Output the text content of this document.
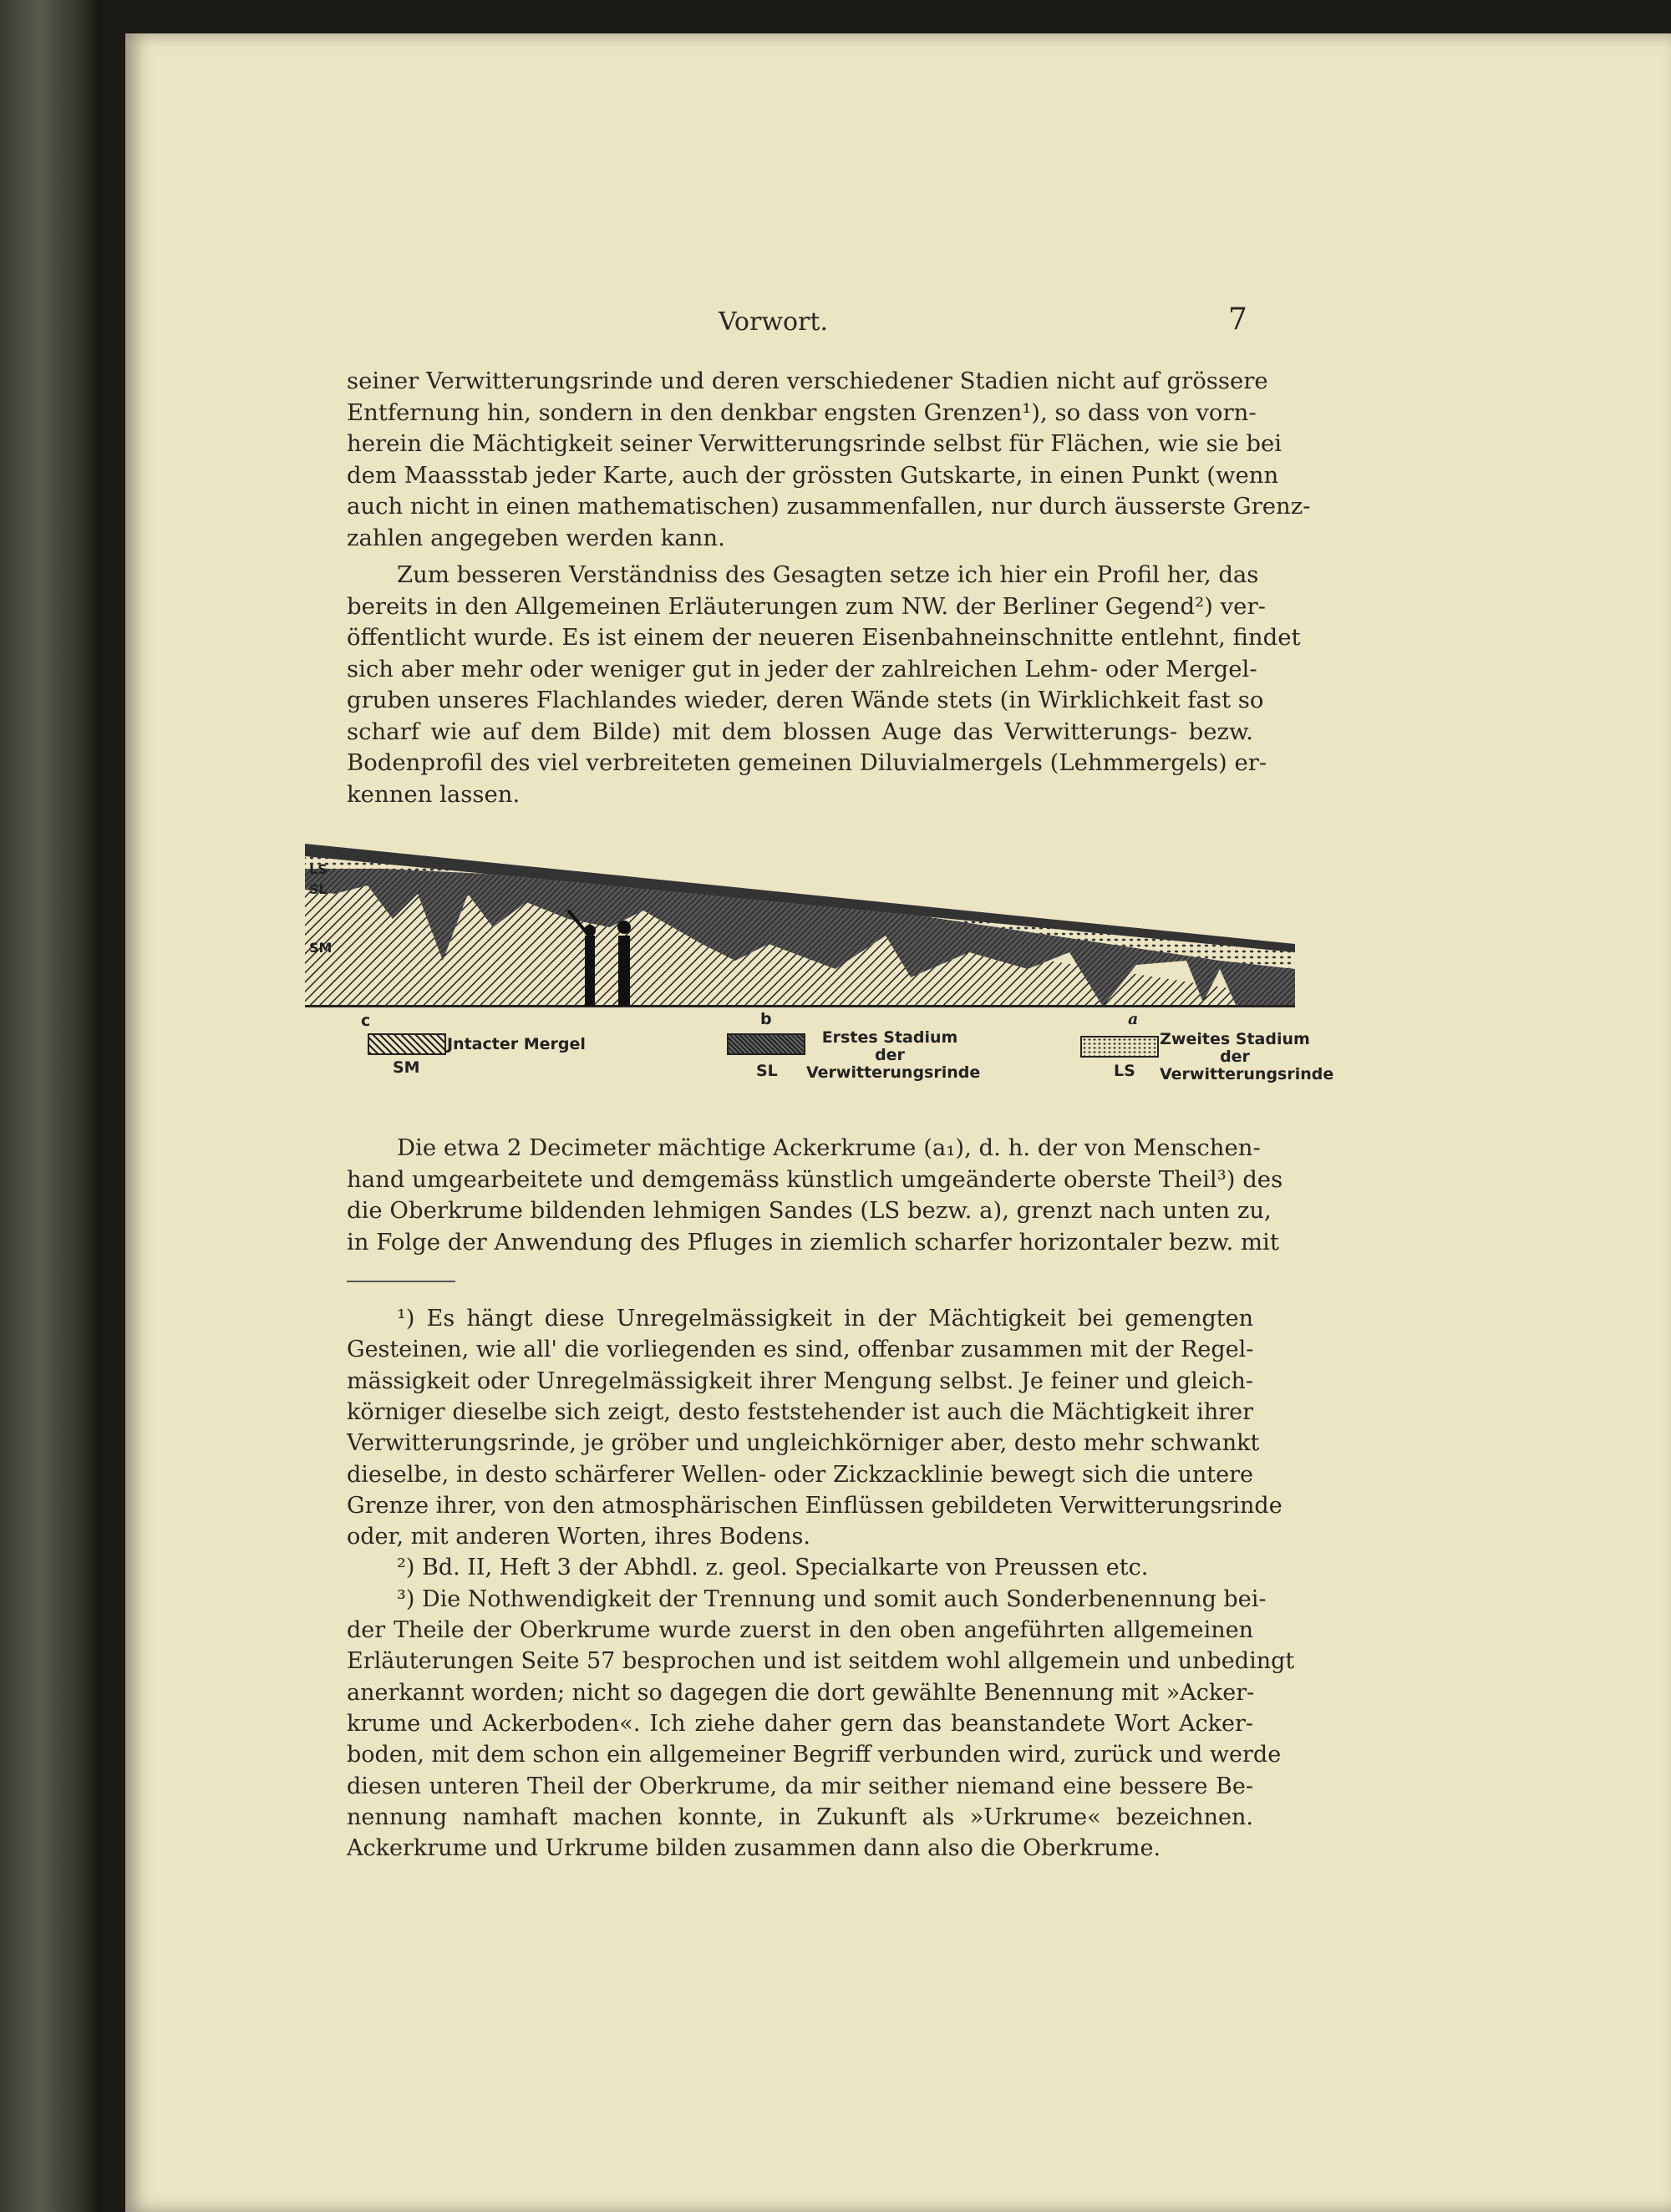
Vorwort.	7
seiner Verwitterungsrinde und deren verschiedener Stadien nicht auf grössere
Entfernung hin, sondern in den denkbar engsten Grenzen¹), so dass von vorn-
herein die Mächtigkeit seiner Verwitterungsrinde selbst für Flächen, wie sie bei
dem Maassstab jeder Karte, auch der grössten Gutskarte, in einen Punkt (wenn
auch nicht in einen mathematischen) zusammenfallen, nur durch äusserste Grenz-
zahlen angegeben werden kann.
Zum besseren Verständniss des Gesagten setze ich hier ein Profil her, das
bereits in den Allgemeinen Erläuterungen zum NW. der Berliner Gegend²) ver-
öffentlicht wurde. Es ist einem der neueren Eisenbahneinschnitte entlehnt, findet
sich aber mehr oder weniger gut in jeder der zahlreichen Lehm- oder Mergel-
gruben unseres Flachlandes wieder, deren Wände stets (in Wirklichkeit fast so
scharf wie auf dem Bilde) mit dem blossen Auge das Verwitterungs- bezw.
Bodenprofil des viel verbreiteten gemeinen Diluvialmergels (Lehmmergels) er-
kennen lassen.
Die etwa 2 Decimeter mächtige Ackerkrume (a₁), d. h. der von Menschen-
hand umgearbeitete und demgemäss künstlich umgeänderte oberste Theil³) des
die Oberkrume bildenden lehmigen Sandes (LS bezw. a), grenzt nach unten zu,
in Folge der Anwendung des Pfluges in ziemlich scharfer horizontaler bezw. mit
¹) Es hängt diese Unregelmässigkeit in der Mächtigkeit bei gemengten
Gesteinen, wie all' die vorliegenden es sind, offenbar zusammen mit der Regel-
mässigkeit oder Unregelmässigkeit ihrer Mengung selbst. Je feiner und gleich-
körniger dieselbe sich zeigt, desto feststehender ist auch die Mächtigkeit ihrer
Verwitterungsrinde, je gröber und ungleichkörniger aber, desto mehr schwankt
dieselbe, in desto schärferer Wellen- oder Zickzacklinie bewegt sich die untere
Grenze ihrer, von den atmosphärischen Einflüssen gebildeten Verwitterungsrinde
oder, mit anderen Worten, ihres Bodens.
²) Bd. II, Heft 3 der Abhdl. z. geol. Specialkarte von Preussen etc.
³) Die Nothwendigkeit der Trennung und somit auch Sonderbenennung bei-
der Theile der Oberkrume wurde zuerst in den oben angeführten allgemeinen
Erläuterungen Seite 57 besprochen und ist seitdem wohl allgemein und unbedingt
anerkannt worden; nicht so dagegen die dort gewählte Benennung mit »Acker-
krume und Ackerboden«. Ich ziehe daher gern das beanstandete Wort Acker-
boden, mit dem schon ein allgemeiner Begriff verbunden wird, zurück und werde
diesen unteren Theil der Oberkrume, da mir seither niemand eine bessere Be-
nennung namhaft machen konnte, in Zukunft als »Urkrume« bezeichnen.
Ackerkrume und Urkrume bilden zusammen dann also die Oberkrume.
LS
SL
SM
c
Jntacter Mergel
SM
b
Erstes Stadium der Verwitterungsrinde
SL
a
Zweites Stadium der Verwitterungsrinde
LS
